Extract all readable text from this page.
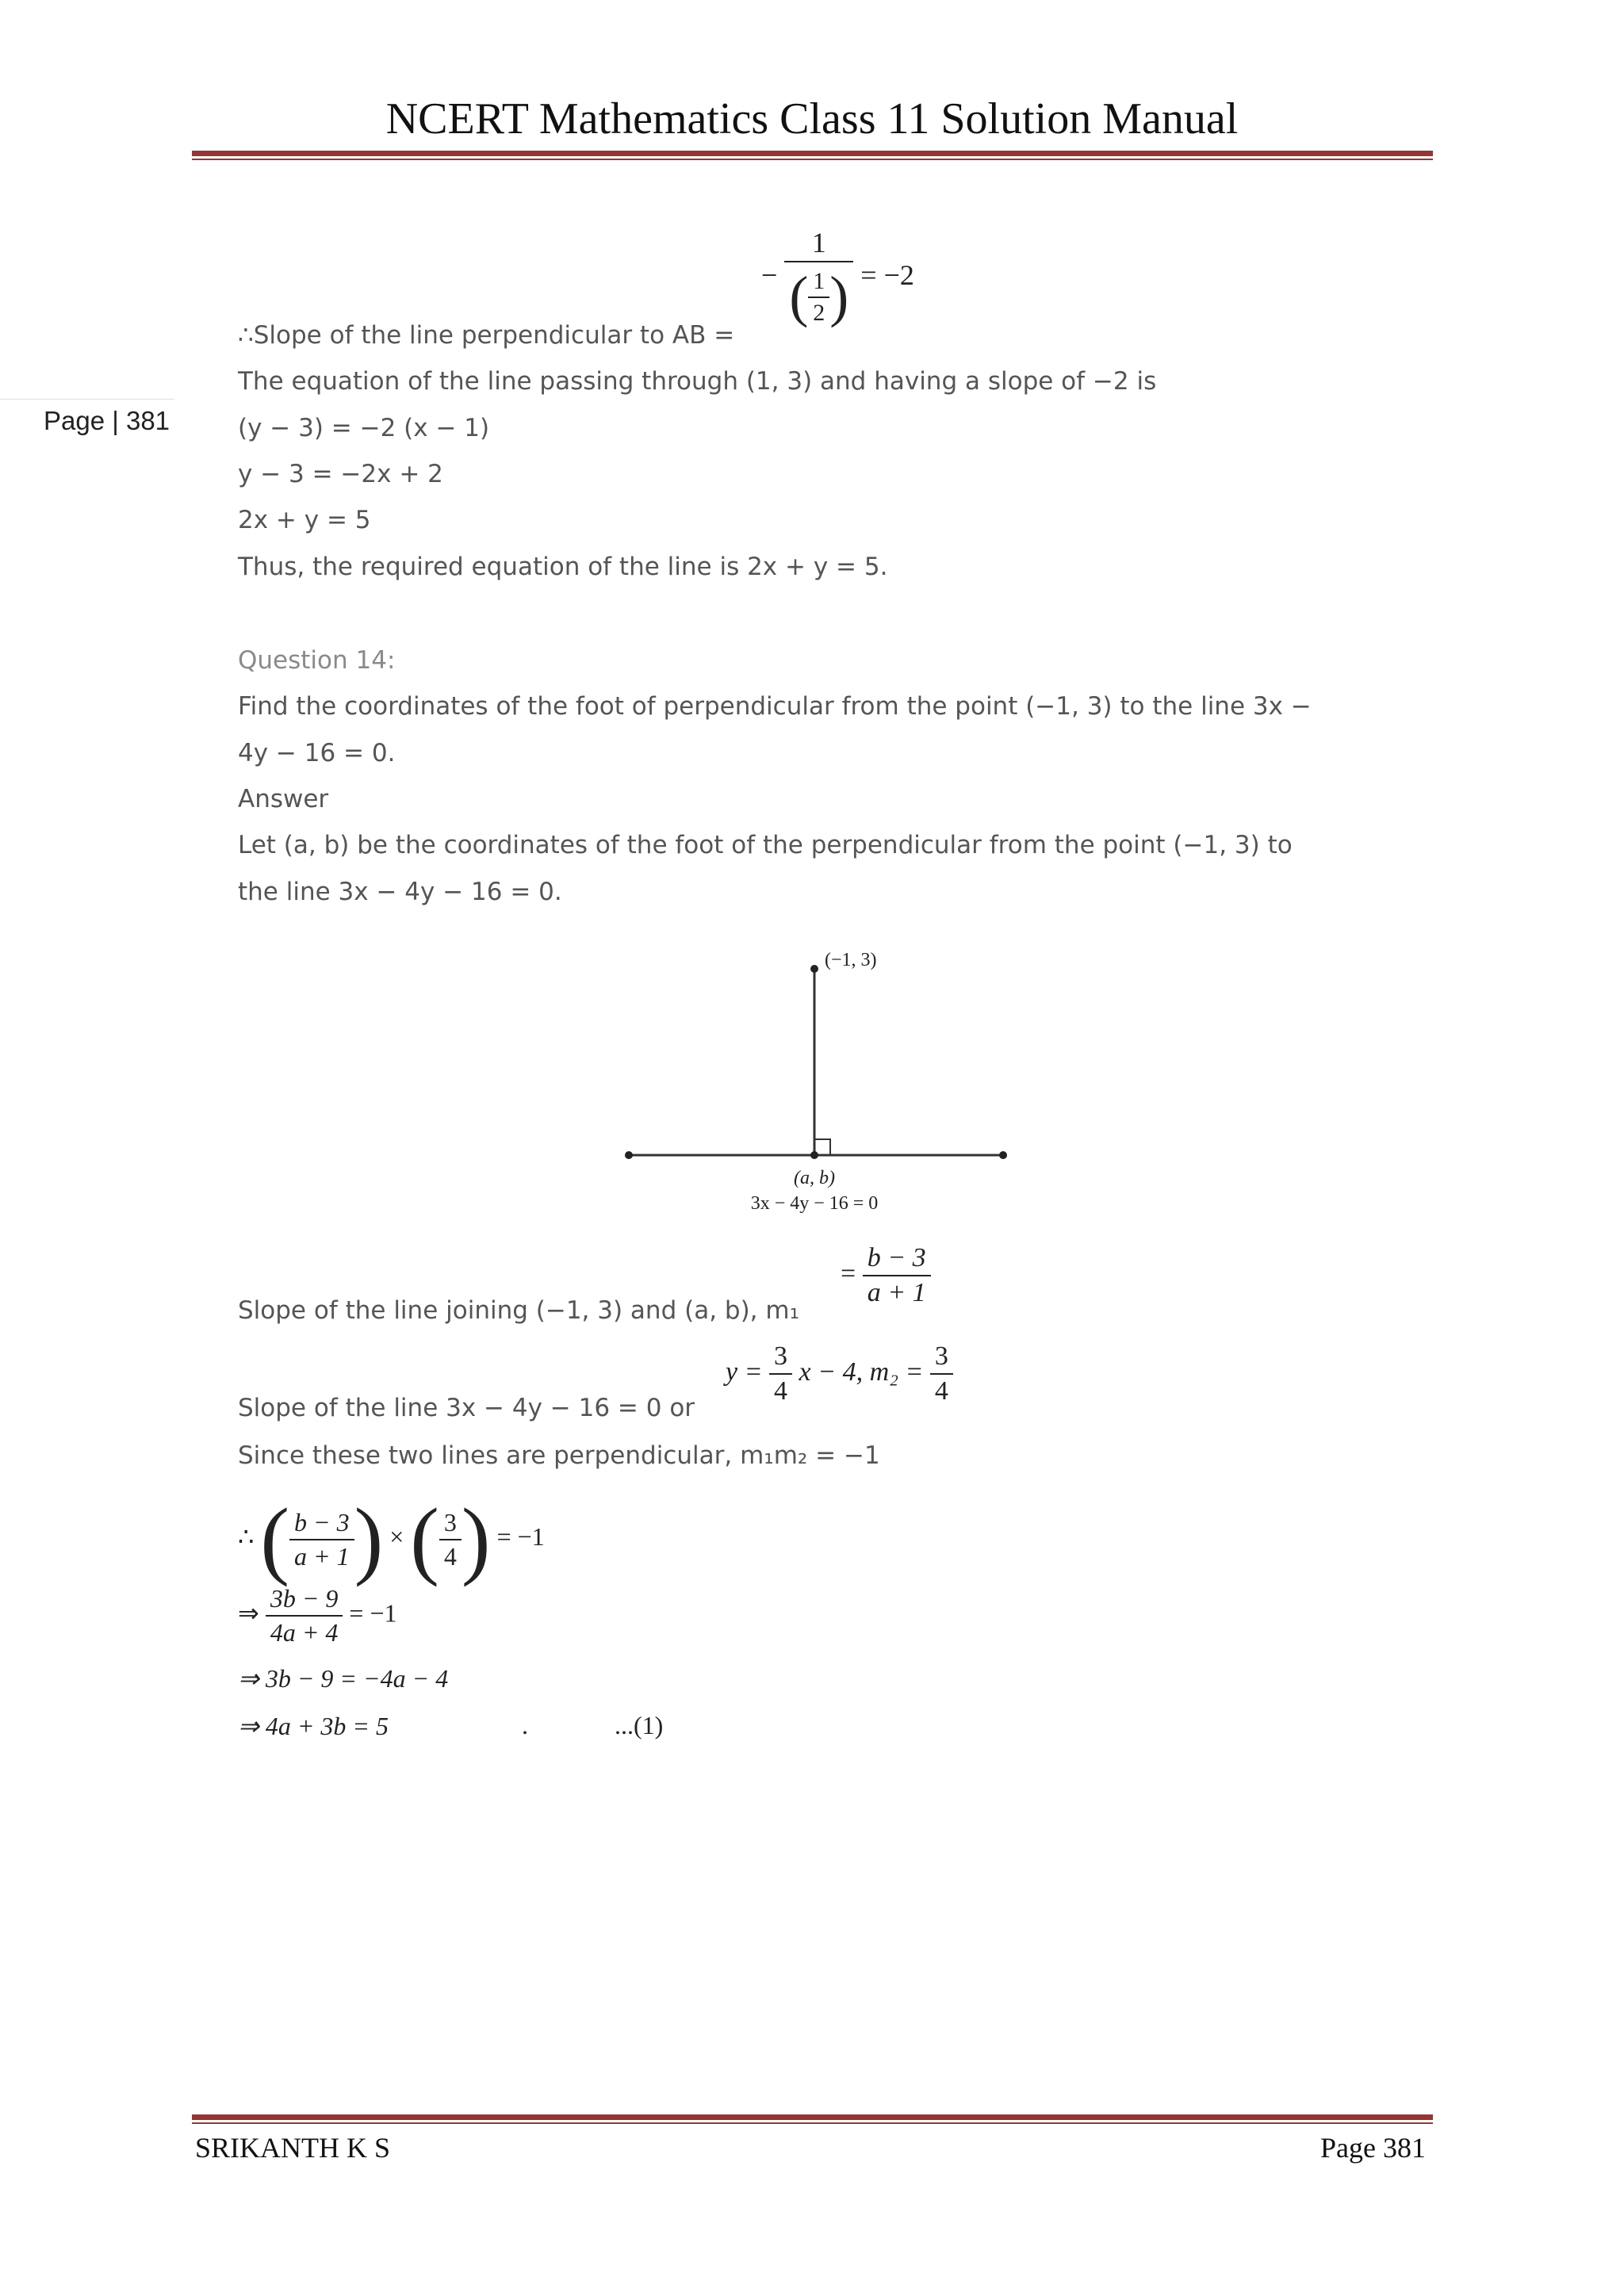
NCERT Mathematics Class 11 Solution Manual
Page | 381
− $\frac{1}{( \frac{1}{2} )} = -2$
∴Slope of the line perpendicular to AB =
The equation of the line passing through (1, 3) and having a slope of −2 is
(y − 3) = −2 (x − 1)
y − 3 = −2x + 2
2x + y = 5
Thus, the required equation of the line is 2x + y = 5.
Question 14:
Find the coordinates of the foot of perpendicular from the point (−1, 3) to the line 3x −
4y − 16 = 0.
Answer
Let (a, b) be the coordinates of the foot of the perpendicular from the point (−1, 3) to
the line 3x − 4y − 16 = 0.
Slope of the line joining (−1, 3) and (a, b), m₁
= $\frac{b - 3}{a + 1}$
Slope of the line 3x − 4y − 16 = 0 or
$y = \frac{3}{4}$ x − 4, $m_2 = \frac{3}{4}$
Since these two lines are perpendicular, m₁m₂ = −1
∴ ( $\frac{b - 3}{a + 1}$ ) × ( $\frac{3}{4}$ ) = −1
⇒ $\frac{3b - 9}{4a + 4} = -1$
⇒ 3b − 9 = −4a − 4
⇒ 4a + 3b = 5	.	...(1)
(−1, 3)
(a, b)
3x − 4y − 16 = 0
SRIKANTH K S	Page 381
